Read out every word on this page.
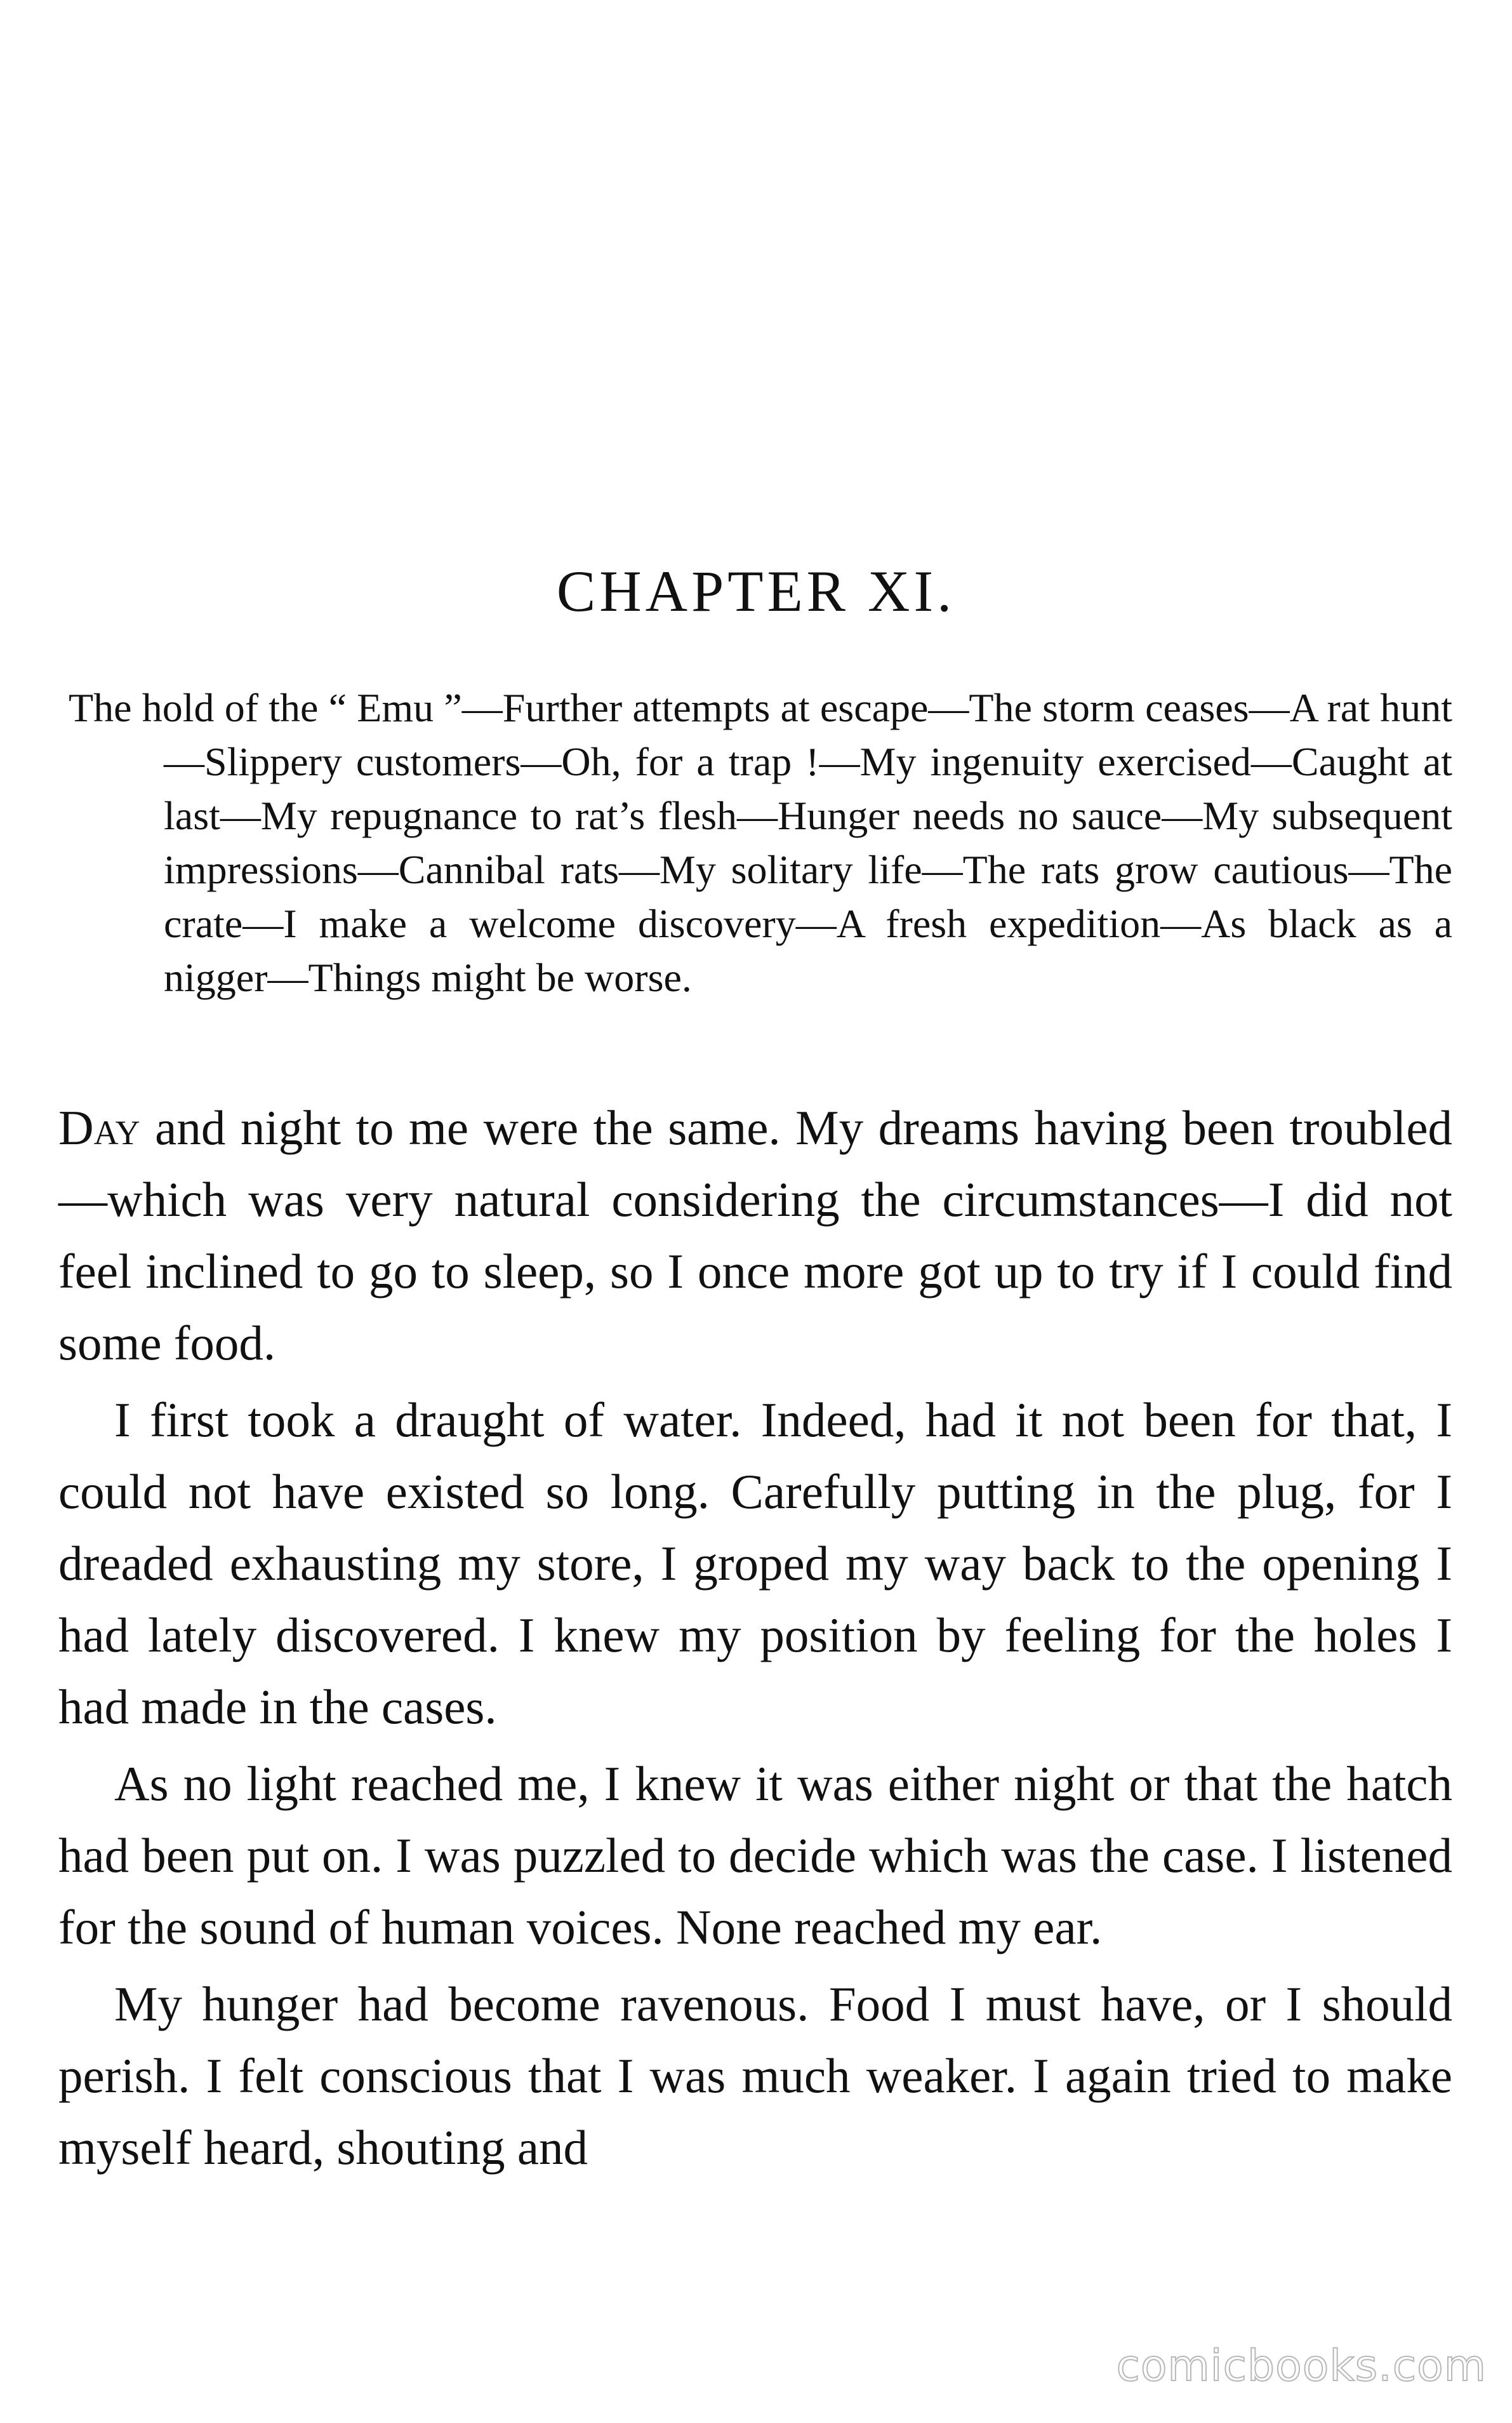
CHAPTER XI.

The hold of the “ Emu ”—Further attempts at escape—The storm ceases—A rat hunt—Slippery customers—Oh, for a trap !—My ingenuity exercised—Caught at last—My repugnance to rat’s flesh—Hunger needs no sauce—My subsequent impressions—Cannibal rats—My solitary life—The rats grow cautious—The crate—I make a welcome discovery—A fresh expedition—As black as a nigger—Things might be worse.

Day and night to me were the same. My dreams having been troubled—which was very natural considering the circumstances—I did not feel inclined to go to sleep, so I once more got up to try if I could find some food.

I first took a draught of water. Indeed, had it not been for that, I could not have existed so long. Carefully putting in the plug, for I dreaded exhausting my store, I groped my way back to the opening I had lately discovered. I knew my position by feeling for the holes I had made in the cases.

As no light reached me, I knew it was either night or that the hatch had been put on. I was puzzled to decide which was the case. I listened for the sound of human voices. None reached my ear.

My hunger had become ravenous. Food I must have, or I should perish. I felt conscious that I was much weaker. I again tried to make myself heard, shouting and

comicbooks.com
